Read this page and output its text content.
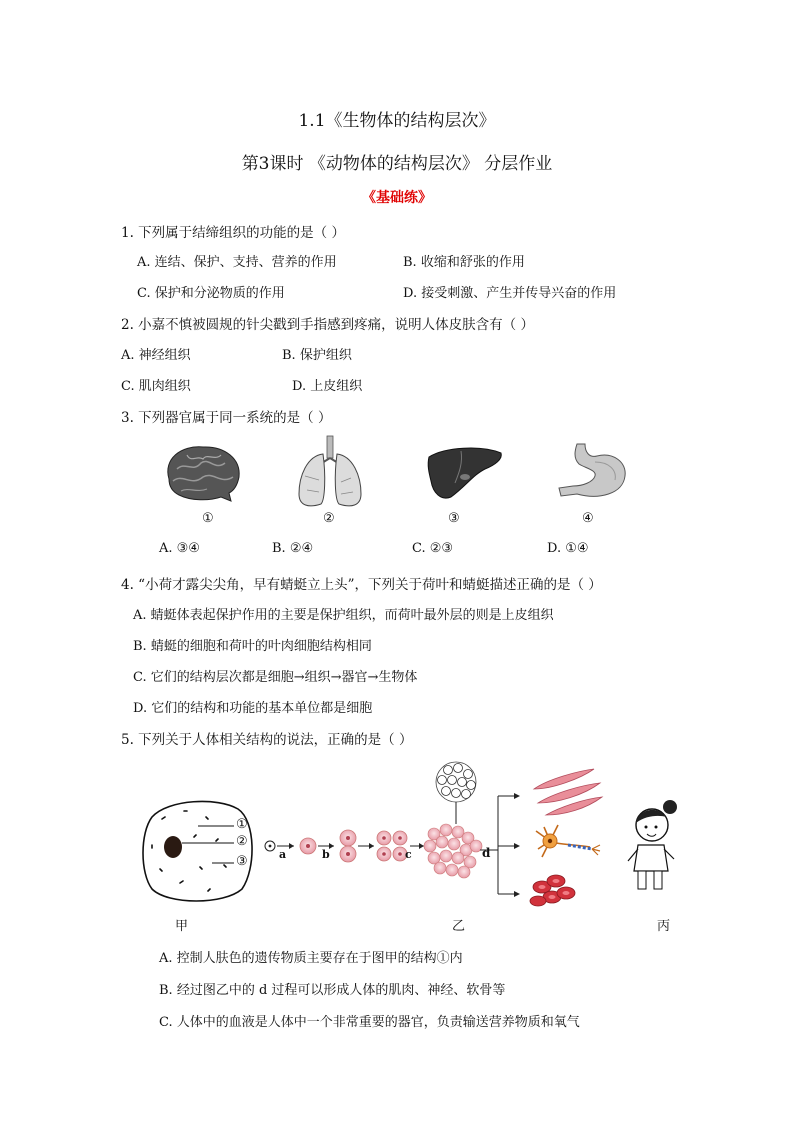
1.1《生物体的结构层次》
第3课时 《动物体的结构层次》 分层作业
《基础练》
1. 下列属于结缔组织的功能的是（ ）
A. 连结、保护、支持、营养的作用	B. 收缩和舒张的作用
C. 保护和分泌物质的作用	D. 接受刺激、产生并传导兴奋的作用
2. 小嘉不慎被圆规的针尖戳到手指感到疼痛，说明人体皮肤含有（ ）
A. 神经组织	B. 保护组织
C. 肌肉组织	D. 上皮组织
3. 下列器官属于同一系统的是（ ）
①	②	③	④
A. ③④	B. ②④	C. ②③	D. ①④
4. “小荷才露尖尖角，早有蜻蜓立上头”，下列关于荷叶和蜻蜓描述正确的是（ ）
A. 蜻蜓体表起保护作用的主要是保护组织，而荷叶最外层的则是上皮组织
B. 蜻蜓的细胞和荷叶的叶肉细胞结构相同
C. 它们的结构层次都是细胞→组织→器官→生物体
D. 它们的结构和功能的基本单位都是细胞
5. 下列关于人体相关结构的说法，正确的是（ ）
①
②
③	a	b	c	d
甲	乙	丙
A. 控制人肤色的遗传物质主要存在于图甲的结构①内
B. 经过图乙中的 d 过程可以形成人体的肌肉、神经、软骨等
C. 人体中的血液是人体中一个非常重要的器官，负责输送营养物质和氧气
